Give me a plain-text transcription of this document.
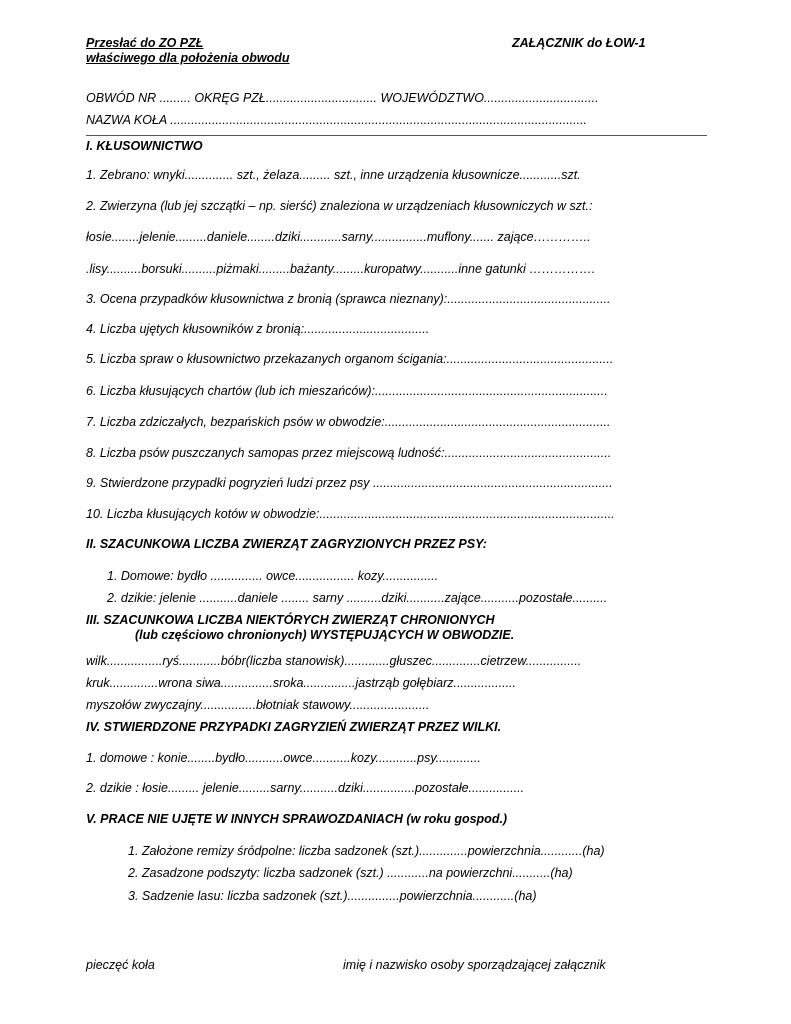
Przesłać do ZO PZŁ
właściwego dla położenia obwodu
ZAŁĄCZNIK do ŁOW-1
OBWÓD NR ......... OKRĘG PZŁ................................ WOJEWÓDZTWO.................................
NAZWA KOŁA ........................................................................................................................
I. KŁUSOWNICTWO
1. Zebrano: wnyki.............. szt., żelaza......... szt., inne urządzenia kłusownicze............szt.
2. Zwierzyna (lub jej szczątki – np. sierść) znaleziona w urządzeniach kłusowniczych w szt.:
łosie........jelenie.........daniele........dziki............sarny................muflony....... zające…………..
.lisy..........borsuki..........piżmaki.........bażanty.........kuropatwy...........inne gatunki …………….
3. Ocena przypadków kłusownictwa z bronią (sprawca nieznany):...............................................
4. Liczba ujętych kłusowników z bronią:....................................
5. Liczba spraw o kłusownictwo przekazanych organom ścigania:................................................
6. Liczba kłusujących chartów (lub ich mieszańców):...................................................................
7. Liczba zdziczałych, bezpańskich psów w obwodzie:.................................................................
8. Liczba psów puszczanych samopas przez miejscową ludność:................................................
9. Stwierdzone przypadki pogryzień ludzi przez psy .....................................................................
10. Liczba kłusujących kotów w obwodzie:.....................................................................................
II. SZACUNKOWA LICZBA ZWIERZĄT ZAGRYZIONYCH PRZEZ PSY:
1. Domowe: bydło ............... owce................. kozy................
2. dzikie: jelenie ...........daniele ........ sarny ..........dziki...........zające...........pozostałe..........
III. SZACUNKOWA LICZBA NIEKTÓRYCH ZWIERZĄT CHRONIONYCH
(lub częściowo chronionych) WYSTĘPUJĄCYCH W OBWODZIE.
wilk................ryś............bóbr(liczba stanowisk).............głuszec..............cietrzew................
kruk..............wrona siwa...............sroka...............jastrząb gołębiarz..................
myszołów zwyczajny................błotniak stawowy.......................
IV. STWIERDZONE PRZYPADKI ZAGRYZIEŃ ZWIERZĄT PRZEZ WILKI.
1. domowe : konie........bydło...........owce...........kozy............psy.............
2. dzikie : łosie......... jelenie.........sarny...........dziki...............pozostałe................
V. PRACE NIE UJĘTE W INNYCH SPRAWOZDANIACH (w roku gospod.)
1. Założone remizy śródpolne: liczba sadzonek (szt.)..............powierzchnia............(ha)
2. Zasadzone podszyty: liczba sadzonek (szt.) ............na powierzchni...........(ha)
3. Sadzenie lasu: liczba sadzonek (szt.)...............powierzchnia............(ha)
pieczęć koła	imię i nazwisko osoby sporządzającej załącznik
